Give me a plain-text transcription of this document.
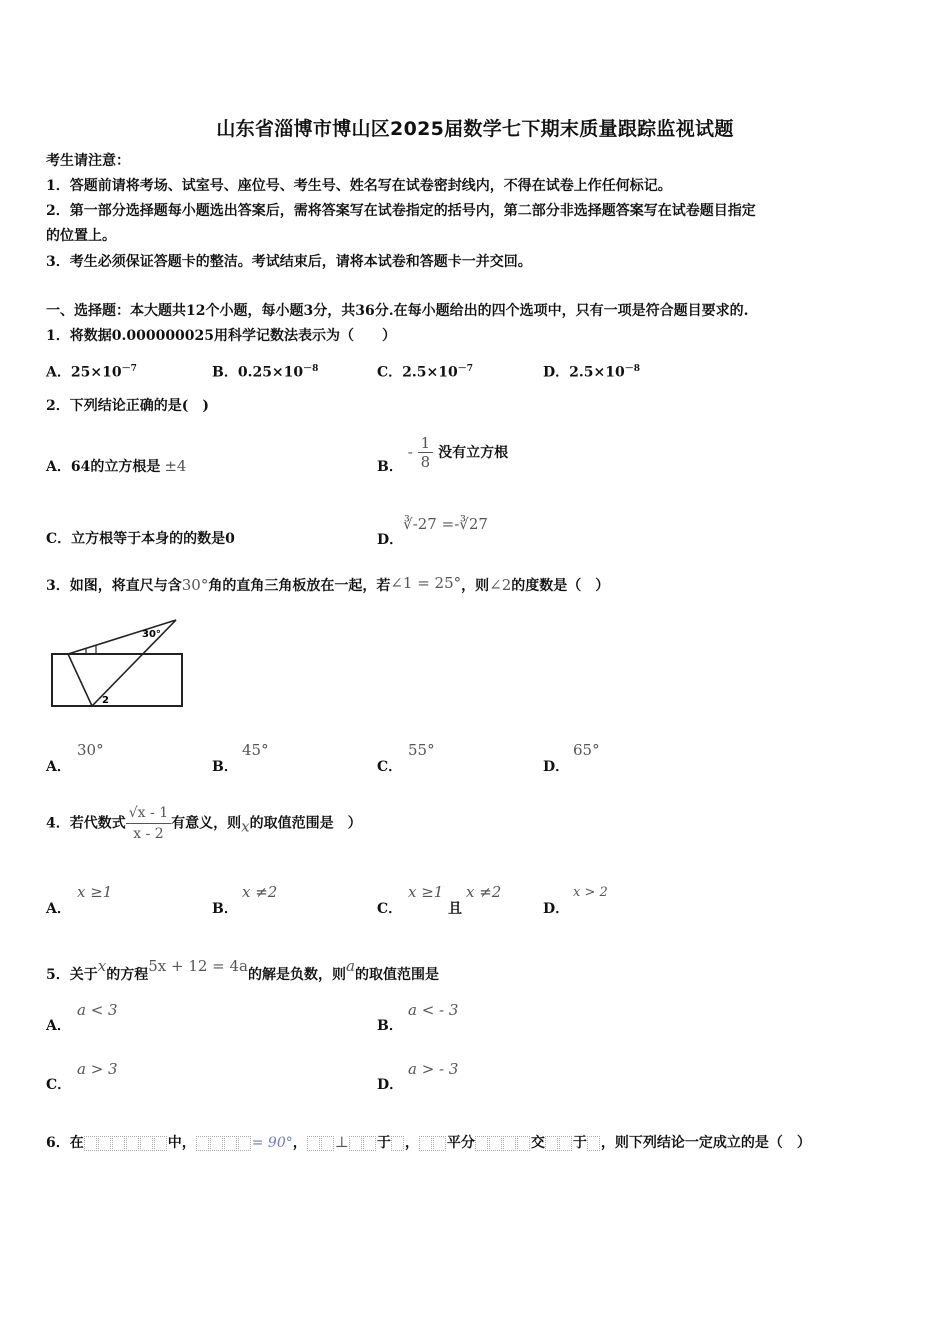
山东省淄博市博山区2025届数学七下期末质量跟踪监视试题
考生请注意：
1．答题前请将考场、试室号、座位号、考生号、姓名写在试卷密封线内，不得在试卷上作任何标记。
2．第一部分选择题每小题选出答案后，需将答案写在试卷指定的括号内，第二部分非选择题答案写在试卷题目指定
的位置上。
3．考生必须保证答题卡的整洁。考试结束后，请将本试卷和答题卡一并交回。
一、选择题：本大题共12个小题，每小题3分，共36分.在每小题给出的四个选项中，只有一项是符合题目要求的.
1．将数据0.000000025用科学记数法表示为（　　）
A．$25\times 10^{-7}$	B．$0.25\times 10^{-8}$	C．$2.5\times 10^{-7}$	D．$2.5\times 10^{-8}$
2．下列结论正确的是(　)
A．64的立方根是 ±4	B． - $\frac{1}{8}$ 没有立方根
C．立方根等于本身的的数是0	D．∛-27 =-∛27
3．如图，将直尺与含30°角的直角三角板放在一起，若∠1 = 25°，则∠2的度数是（　）
30°
2
A．
30°
B．
45°
C．
55°
D．
65°
4．若代数式 $\frac{√x - 1}{x - 2}$ 有意义，则x的取值范围是　）
A．
x ≥1
B．
x ≠2
C．
x ≥1
且
x ≠2
D．
x > 2
5．关于x的方程5x + 12 = 4a的解是负数，则a的取值范围是
A．
a < 3
B．
a < - 3
C．
a > 3
D．
a > - 3
6．在	中，	= 90°， ⊥ 于 ， 平分	交 于 ，则下列结论一定成立的是（　）
